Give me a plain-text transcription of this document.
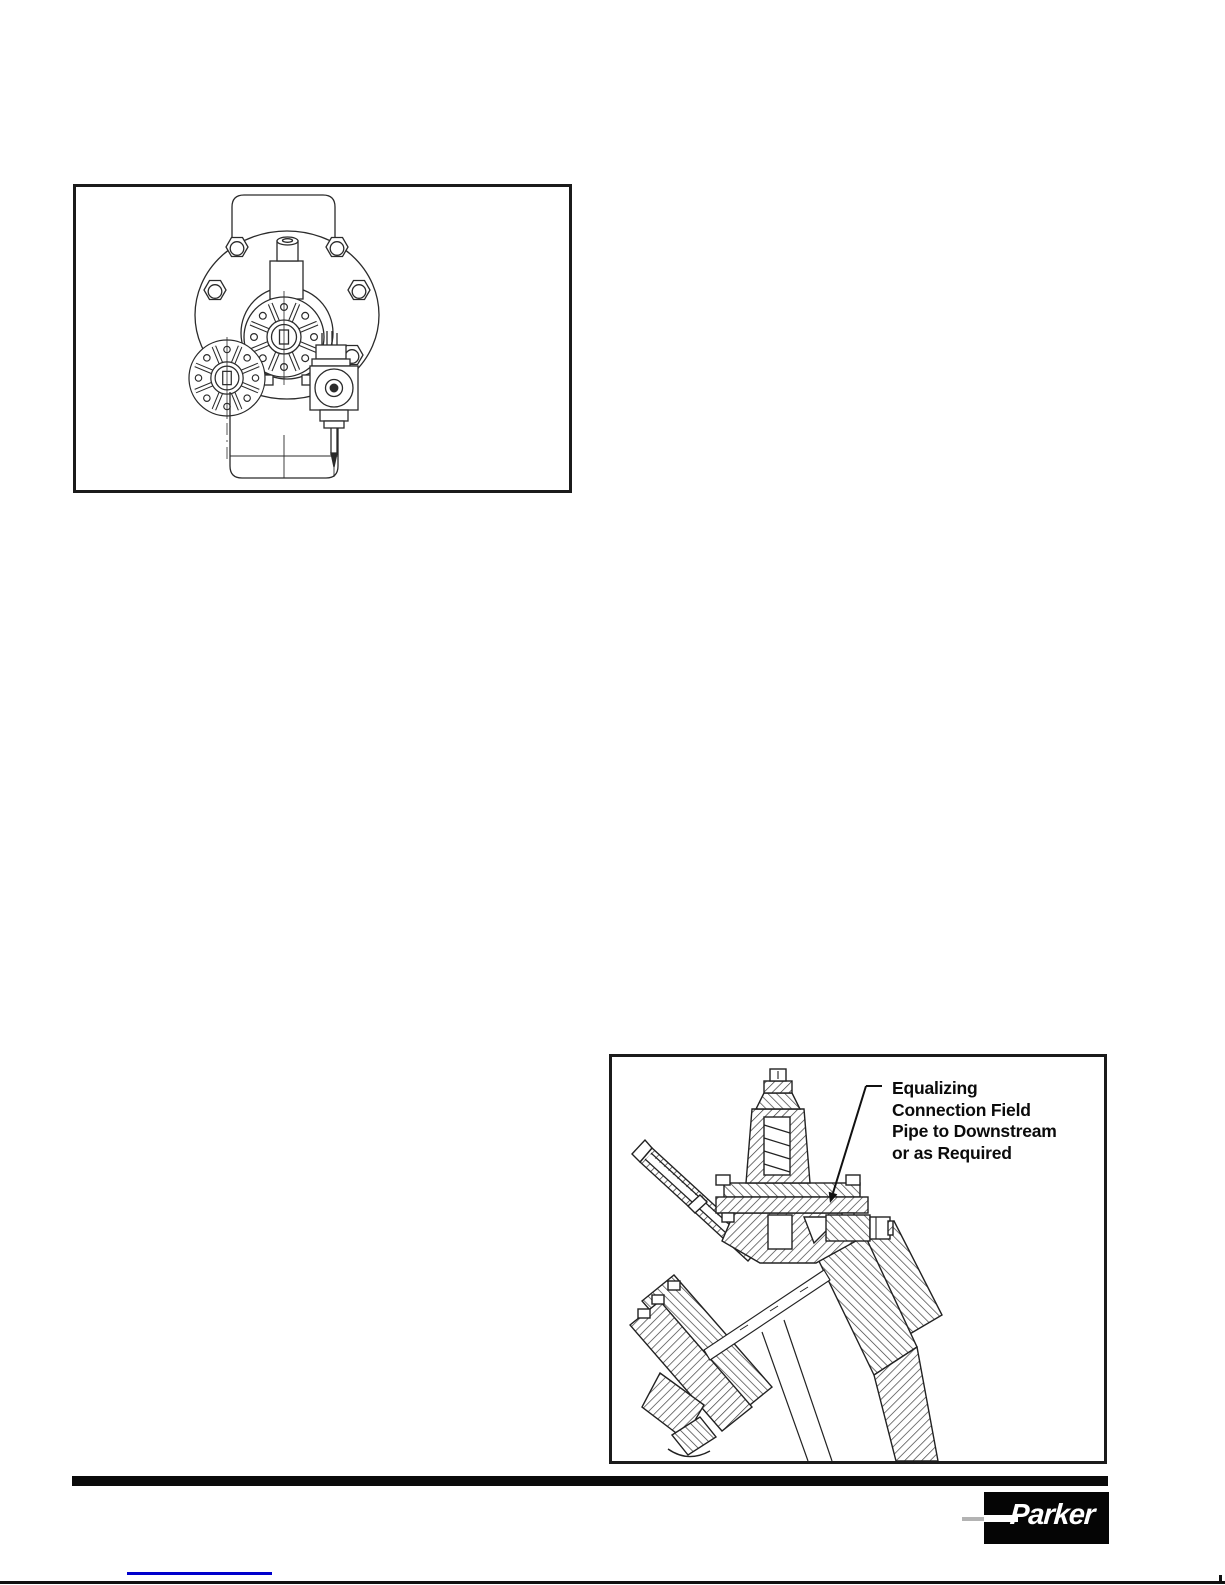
Equalizing
Connection Field
Pipe to Downstream
or as Required
Parker
